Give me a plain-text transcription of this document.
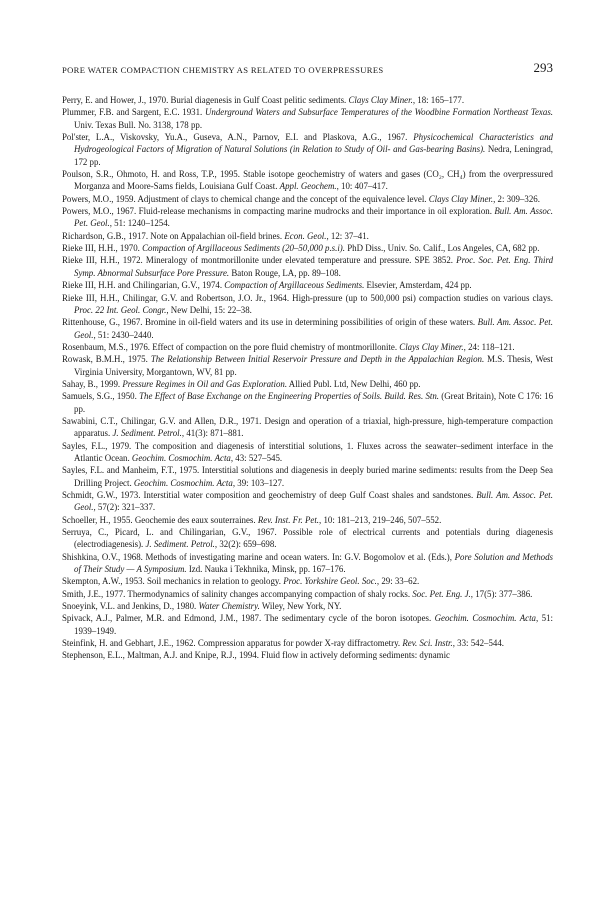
PORE WATER COMPACTION CHEMISTRY AS RELATED TO OVERPRESSURES	293
Perry, E. and Hower, J., 1970. Burial diagenesis in Gulf Coast pelitic sediments. Clays Clay Miner., 18: 165–177.
Plummer, F.B. and Sargent, E.C. 1931. Underground Waters and Subsurface Temperatures of the Woodbine Formation Northeast Texas. Univ. Texas Bull. No. 3138, 178 pp.
Pol'ster, L.A., Viskovsky, Yu.A., Guseva, A.N., Parnov, E.I. and Plaskova, A.G., 1967. Physicochemical Characteristics and Hydrogeological Factors of Migration of Natural Solutions (in Relation to Study of Oil- and Gas-bearing Basins). Nedra, Leningrad, 172 pp.
Poulson, S.R., Ohmoto, H. and Ross, T.P., 1995. Stable isotope geochemistry of waters and gases (CO₂, CH₄) from the overpressured Morganza and Moore-Sams fields, Louisiana Gulf Coast. Appl. Geochem., 10: 407–417.
Powers, M.O., 1959. Adjustment of clays to chemical change and the concept of the equivalence level. Clays Clay Miner., 2: 309–326.
Powers, M.O., 1967. Fluid-release mechanisms in compacting marine mudrocks and their importance in oil exploration. Bull. Am. Assoc. Pet. Geol., 51: 1240–1254.
Richardson, G.B., 1917. Note on Appalachian oil-field brines. Econ. Geol., 12: 37–41.
Rieke III, H.H., 1970. Compaction of Argillaceous Sediments (20–50,000 p.s.i). PhD Diss., Univ. So. Calif., Los Angeles, CA, 682 pp.
Rieke III, H.H., 1972. Mineralogy of montmorillonite under elevated temperature and pressure. SPE 3852. Proc. Soc. Pet. Eng. Third Symp. Abnormal Subsurface Pore Pressure. Baton Rouge, LA, pp. 89–108.
Rieke III, H.H. and Chilingarian, G.V., 1974. Compaction of Argillaceous Sediments. Elsevier, Amsterdam, 424 pp.
Rieke III, H.H., Chilingar, G.V. and Robertson, J.O. Jr., 1964. High-pressure (up to 500,000 psi) compaction studies on various clays. Proc. 22 Int. Geol. Congr., New Delhi, 15: 22–38.
Rittenhouse, G., 1967. Bromine in oil-field waters and its use in determining possibilities of origin of these waters. Bull. Am. Assoc. Pet. Geol., 51: 2430–2440.
Rosenbaum, M.S., 1976. Effect of compaction on the pore fluid chemistry of montmorillonite. Clays Clay Miner., 24: 118–121.
Rowask, B.M.H., 1975. The Relationship Between Initial Reservoir Pressure and Depth in the Appalachian Region. M.S. Thesis, West Virginia University, Morgantown, WV, 81 pp.
Sahay, B., 1999. Pressure Regimes in Oil and Gas Exploration. Allied Publ. Ltd, New Delhi, 460 pp.
Samuels, S.G., 1950. The Effect of Base Exchange on the Engineering Properties of Soils. Build. Res. Stn. (Great Britain), Note C 176: 16 pp.
Sawabini, C.T., Chilingar, G.V. and Allen, D.R., 1971. Design and operation of a triaxial, high-pressure, high-temperature compaction apparatus. J. Sediment. Petrol., 41(3): 871–881.
Sayles, F.L., 1979. The composition and diagenesis of interstitial solutions, 1. Fluxes across the seawater–sediment interface in the Atlantic Ocean. Geochim. Cosmochim. Acta, 43: 527–545.
Sayles, F.L. and Manheim, F.T., 1975. Interstitial solutions and diagenesis in deeply buried marine sediments: results from the Deep Sea Drilling Project. Geochim. Cosmochim. Acta, 39: 103–127.
Schmidt, G.W., 1973. Interstitial water composition and geochemistry of deep Gulf Coast shales and sandstones. Bull. Am. Assoc. Pet. Geol., 57(2): 321–337.
Schoeller, H., 1955. Geochemie des eaux souterraines. Rev. Inst. Fr. Pet., 10: 181–213, 219–246, 507–552.
Serruya, C., Picard, L. and Chilingarian, G.V., 1967. Possible role of electrical currents and potentials during diagenesis (electrodiagenesis). J. Sediment. Petrol., 32(2): 659–698.
Shishkina, O.V., 1968. Methods of investigating marine and ocean waters. In: G.V. Bogomolov et al. (Eds.), Pore Solution and Methods of Their Study — A Symposium. Izd. Nauka i Tekhnika, Minsk, pp. 167–176.
Skempton, A.W., 1953. Soil mechanics in relation to geology. Proc. Yorkshire Geol. Soc., 29: 33–62.
Smith, J.E., 1977. Thermodynamics of salinity changes accompanying compaction of shaly rocks. Soc. Pet. Eng. J., 17(5): 377–386.
Snoeyink, V.L. and Jenkins, D., 1980. Water Chemistry. Wiley, New York, NY.
Spivack, A.J., Palmer, M.R. and Edmond, J.M., 1987. The sedimentary cycle of the boron isotopes. Geochim. Cosmochim. Acta, 51: 1939–1949.
Steinfink, H. and Gebhart, J.E., 1962. Compression apparatus for powder X-ray diffractometry. Rev. Sci. Instr., 33: 542–544.
Stephenson, E.L., Maltman, A.J. and Knipe, R.J., 1994. Fluid flow in actively deforming sediments: dynamic
